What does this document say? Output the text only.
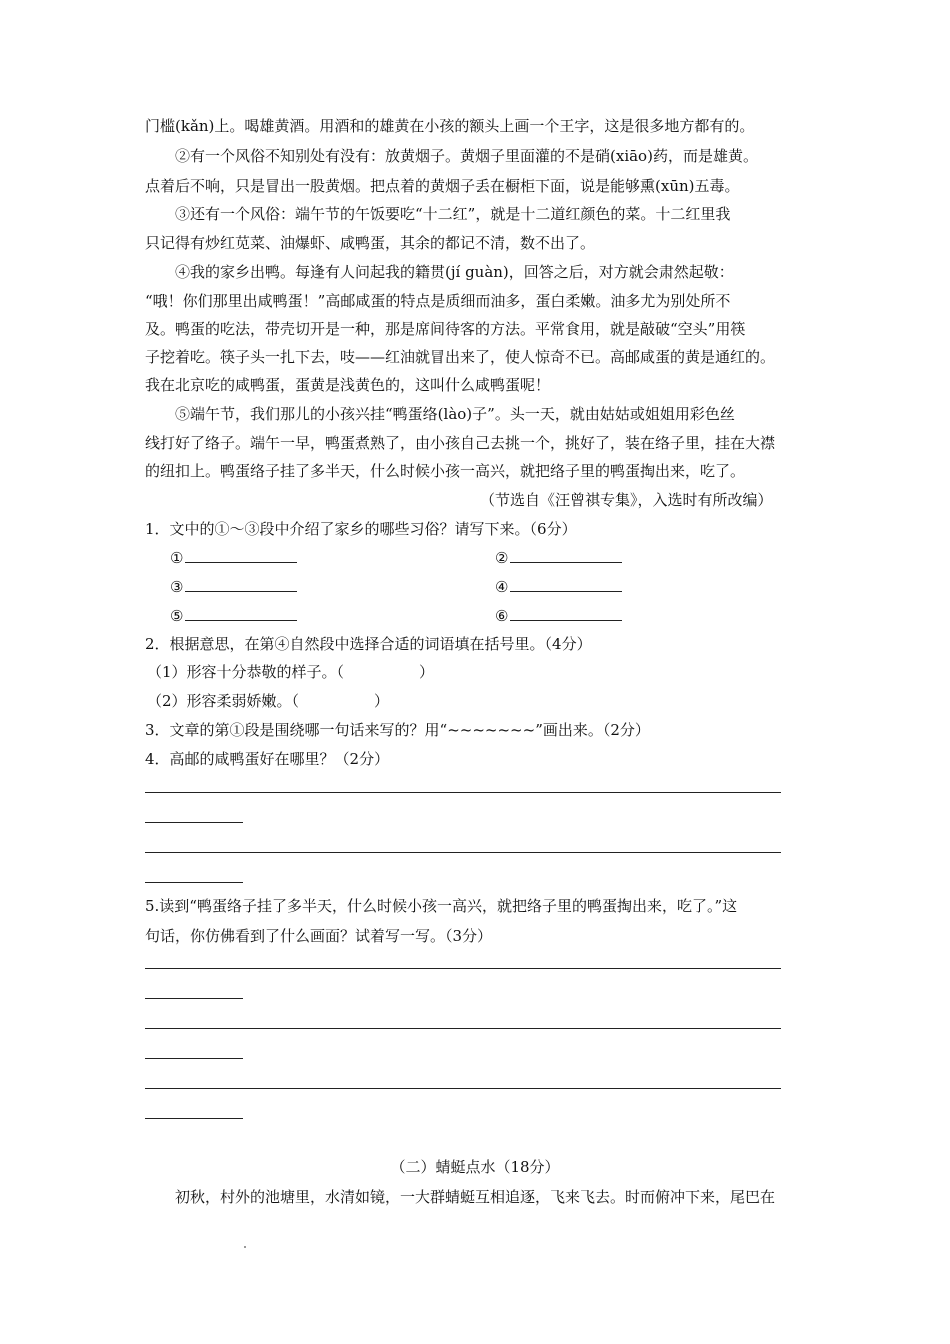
门槛(kǎn)上。喝雄黄酒。用酒和的雄黄在小孩的额头上画一个王字，这是很多地方都有的。
②有一个风俗不知别处有没有：放黄烟子。黄烟子里面灌的不是硝(xiāo)药，而是雄黄。
点着后不响，只是冒出一股黄烟。把点着的黄烟子丢在橱柜下面，说是能够熏(xūn)五毒。
③还有一个风俗：端午节的午饭要吃“十二红”，就是十二道红颜色的菜。十二红里我
只记得有炒红苋菜、油爆虾、咸鸭蛋，其余的都记不清，数不出了。
④我的家乡出鸭。每逢有人问起我的籍贯(jí guàn)，回答之后，对方就会肃然起敬：
“哦！你们那里出咸鸭蛋！”高邮咸蛋的特点是质细而油多，蛋白柔嫩。油多尤为别处所不
及。鸭蛋的吃法，带壳切开是一种，那是席间待客的方法。平常食用，就是敲破“空头”用筷
子挖着吃。筷子头一扎下去，吱——红油就冒出来了，使人惊奇不已。高邮咸蛋的黄是通红的。
我在北京吃的咸鸭蛋，蛋黄是浅黄色的，这叫什么咸鸭蛋呢！
⑤端午节，我们那儿的小孩兴挂“鸭蛋络(lào)子”。头一天，就由姑姑或姐姐用彩色丝
线打好了络子。端午一早，鸭蛋煮熟了，由小孩自己去挑一个，挑好了，装在络子里，挂在大襟
的纽扣上。鸭蛋络子挂了多半天，什么时候小孩一高兴，就把络子里的鸭蛋掏出来，吃了。
（节选自《汪曾祺专集》，入选时有所改编）
1．文中的①～③段中介绍了家乡的哪些习俗？请写下来。（6分）
①	②
③	④
⑤	⑥
2．根据意思，在第④自然段中选择合适的词语填在括号里。（4分）
（1）形容十分恭敬的样子。（　　　　　）
（2）形容柔弱娇嫩。（　　　　　）
3．文章的第①段是围绕哪一句话来写的？用“~~~~~~~”画出来。（2分）
4．高邮的咸鸭蛋好在哪里？（2分）
5.读到“鸭蛋络子挂了多半天，什么时候小孩一高兴，就把络子里的鸭蛋掏出来，吃了。”这
句话，你仿佛看到了什么画面？试着写一写。（3分）
（二）蜻蜓点水（18分）
初秋，村外的池塘里，水清如镜，一大群蜻蜓互相追逐，飞来飞去。时而俯冲下来，尾巴在
